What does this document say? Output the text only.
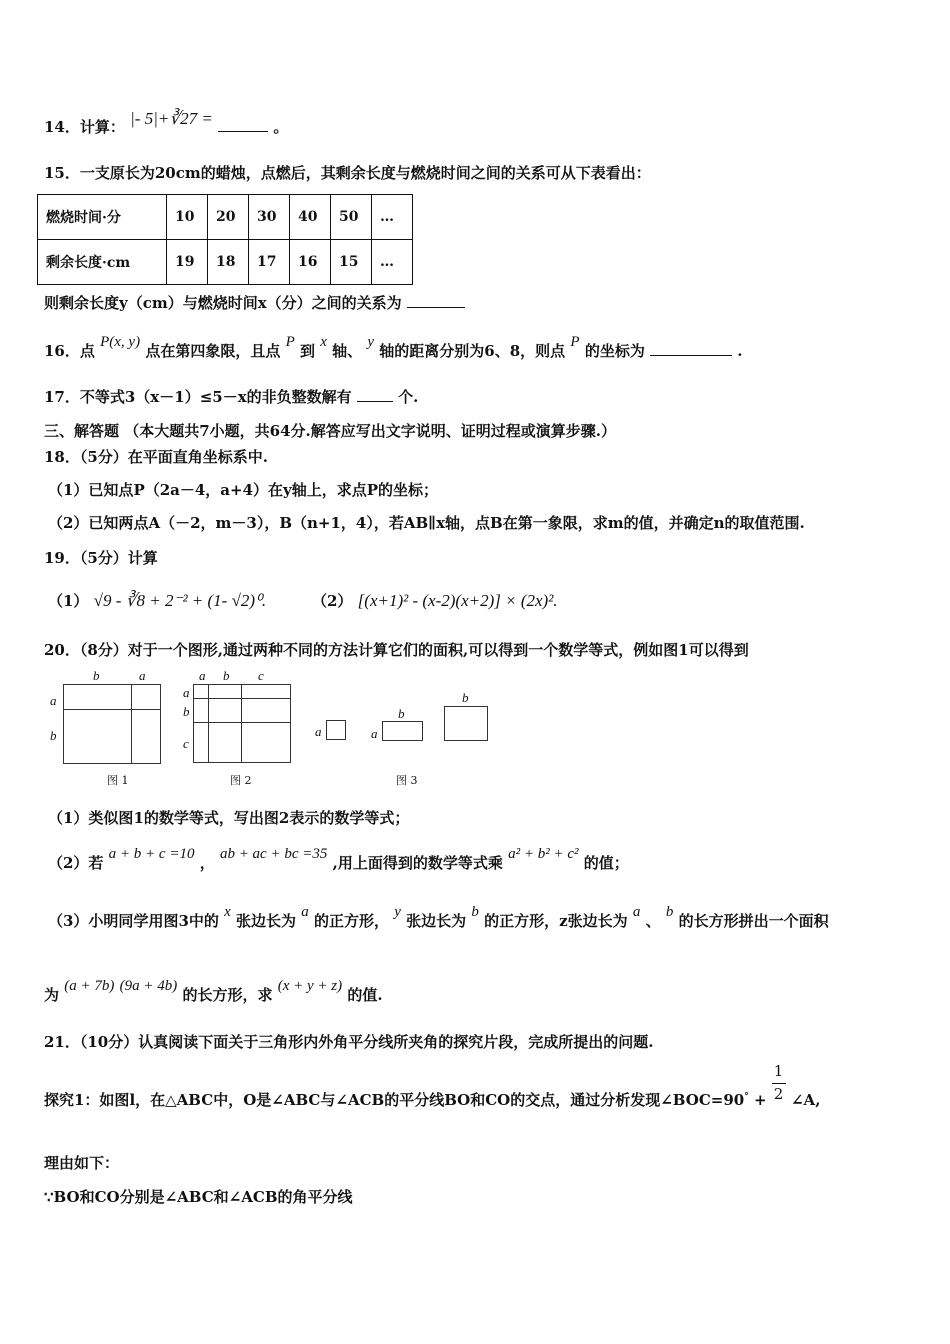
14．计算： |- 5|+∛27 =	。
15．一支原长为20cm的蜡烛，点燃后，其剩余长度与燃烧时间之间的关系可从下表看出：
燃烧时间·分	10	20	30	40	50	…
剩余长度·cm	19	18	17	16	15	…
则剩余长度y（cm）与燃烧时间x（分）之间的关系为
16．点 P(x, y) 点在第四象限，且点 P 到 x 轴、 y 轴的距离分别为6、8，则点 P 的坐标为	.
17．不等式3（x－1）≤5－x的非负整数解有	个.
三、解答题 （本大题共7小题，共64分.解答应写出文字说明、证明过程或演算步骤.）
18．（5分）在平面直角坐标系中.
（1）已知点P（2a－4，a+4）在y轴上，求点P的坐标；
（2）已知两点A（－2，m－3），B（n+1，4），若AB∥x轴，点B在第一象限，求m的值，并确定n的取值范围.
19．（5分）计算
（1） √9 - ∛8 + 2⁻² + (1- √2)⁰.	（2） [(x+1)² - (x-2)(x+2)] × (2x)².
20．（8分）对于一个图形,通过两种不同的方法计算它们的面积,可以得到一个数学等式，例如图1可以得到
b	a
a
b
图 1
a b c
a
b
c
图 2
a
b
a
b
图 3
（1）类似图1的数学等式，写出图2表示的数学等式；
（2）若 a + b + c =10 ， ab + ac + bc =35 ,用上面得到的数学等式乘 a² + b² + c² 的值；
（3）小明同学用图3中的 x 张边长为 a 的正方形， y 张边长为 b 的正方形，z张边长为 a 、 b 的长方形拼出一个面积
为 (a + 7b) (9a + 4b) 的长方形，求 (x + y + z) 的值.
21．（10分）认真阅读下面关于三角形内外角平分线所夹角的探究片段，完成所提出的问题.
探究1：如图l，在△ABC中，O是∠ABC与∠ACB的平分线BO和CO的交点，通过分析发现∠BOC=90° + $\frac{1}{2}$ ∠A,
理由如下：
∵BO和CO分别是∠ABC和∠ACB的角平分线
